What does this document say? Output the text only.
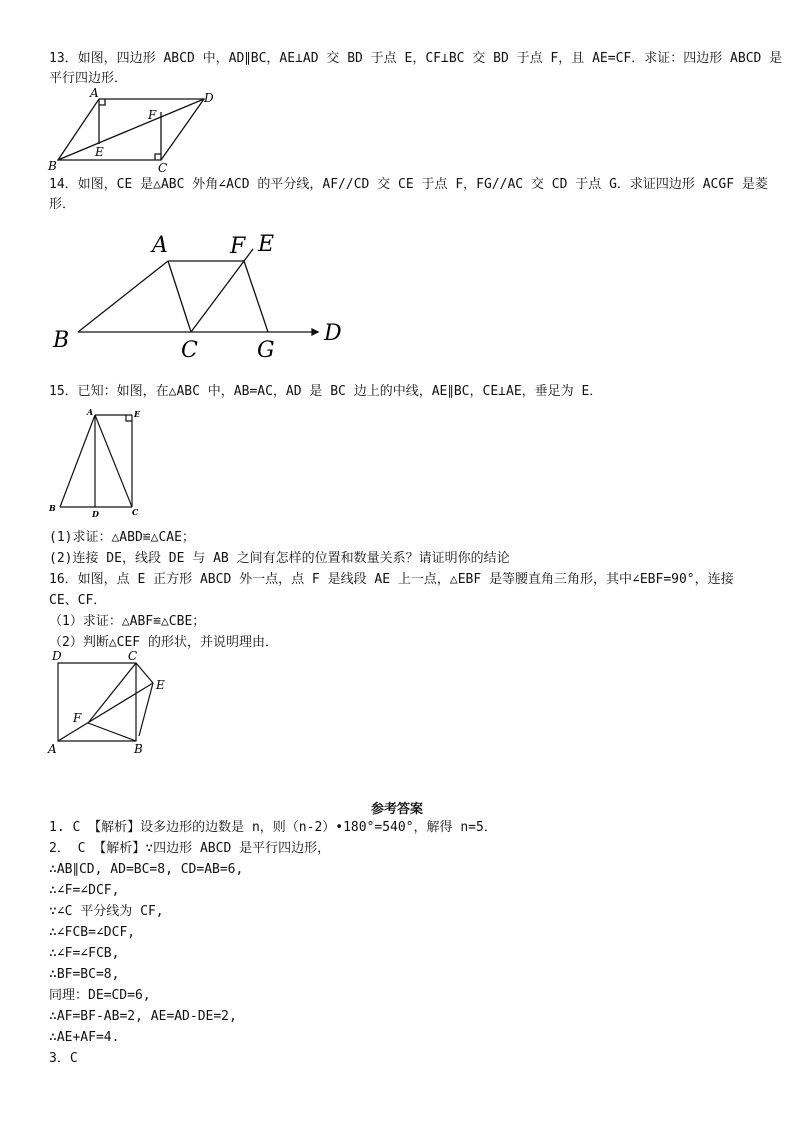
13．如图，四边形 ABCD 中，AD∥BC，AE⊥AD 交 BD 于点 E，CF⊥BC 交 BD 于点 F，且 AE=CF．求证：四边形 ABCD 是
平行四边形．
A	D
B	C
E
F
14．如图，CE 是△ABC 外角∠ACD 的平分线，AF//CD 交 CE 于点 F，FG//AC 交 CD 于点 G．求证四边形 ACGF 是菱
形．
A	F E
B	C	G
D
15．已知：如图，在△ABC 中，AB=AC，AD 是 BC 边上的中线，AE∥BC，CE⊥AE，垂足为 E．
A	E
B
D	C
(1)求证：△ABD≌△CAE；
(2)连接 DE，线段 DE 与 AB 之间有怎样的位置和数量关系？请证明你的结论
16．如图，点 E 正方形 ABCD 外一点，点 F 是线段 AE 上一点，△EBF 是等腰直角三角形，其中∠EBF=90°，连接
CE、CF．
（1）求证：△ABF≌△CBE；
（2）判断△CEF 的形状，并说明理由．
D	C
E
F
A	B
参考答案
1. C 【解析】设多边形的边数是 n，则（n-2）•180°=540°，解得 n=5．
2． C 【解析】∵四边形 ABCD 是平行四边形，
∴AB∥CD, AD=BC=8, CD=AB=6,
∴∠F=∠DCF,
∵∠C 平分线为 CF,
∴∠FCB=∠DCF,
∴∠F=∠FCB,
∴BF=BC=8,
同理：DE=CD=6,
∴AF=BF-AB=2, AE=AD-DE=2,
∴AE+AF=4.
3．C
